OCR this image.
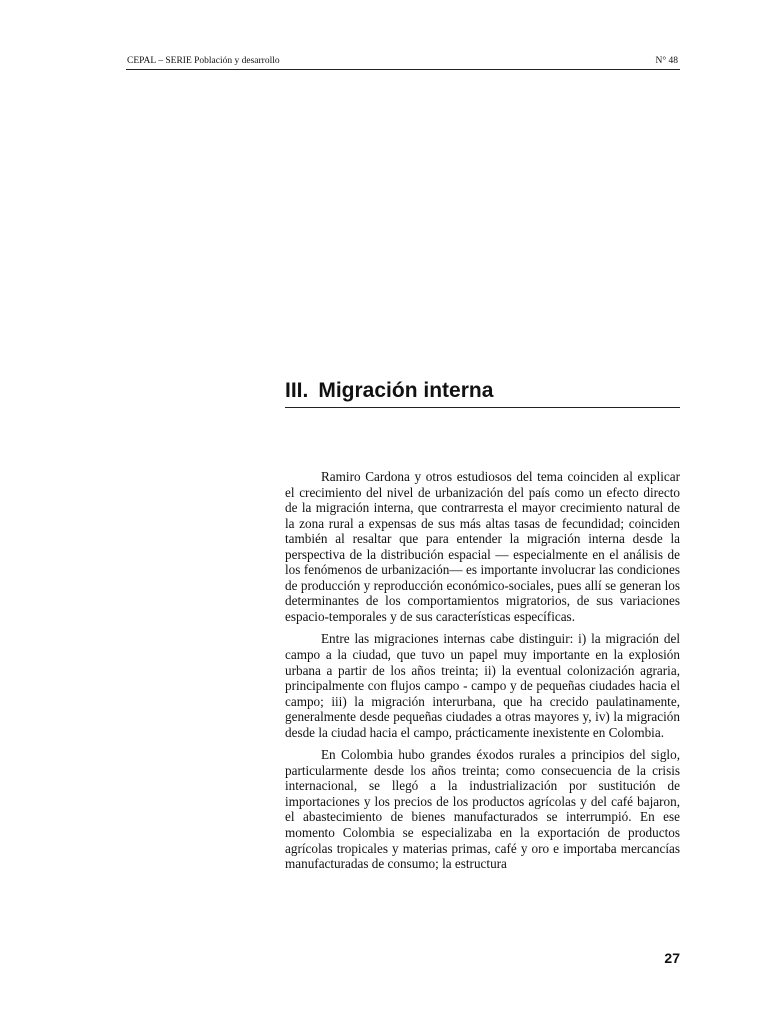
CEPAL – SERIE Población y desarrollo	N° 48
III. Migración interna

Ramiro Cardona y otros estudiosos del tema coinciden al explicar el crecimiento del nivel de urbanización del país como un efecto directo de la migración interna, que contrarresta el mayor crecimiento natural de la zona rural a expensas de sus más altas tasas de fecundidad; coinciden también al resaltar que para entender la migración interna desde la perspectiva de la distribución espacial — especialmente en el análisis de los fenómenos de urbanización— es importante involucrar las condiciones de producción y reproducción económico-sociales, pues allí se generan los determinantes de los comportamientos migratorios, de sus variaciones espacio-temporales y de sus características específicas.

Entre las migraciones internas cabe distinguir: i) la migración del campo a la ciudad, que tuvo un papel muy importante en la explosión urbana a partir de los años treinta; ii) la eventual colonización agraria, principalmente con flujos campo - campo y de pequeñas ciudades hacia el campo; iii) la migración interurbana, que ha crecido paulatinamente, generalmente desde pequeñas ciudades a otras mayores y, iv) la migración desde la ciudad hacia el campo, prácticamente inexistente en Colombia.

En Colombia hubo grandes éxodos rurales a principios del siglo, particularmente desde los años treinta; como consecuencia de la crisis internacional, se llegó a la industrialización por sustitución de importaciones y los precios de los productos agrícolas y del café bajaron, el abastecimiento de bienes manufacturados se interrumpió. En ese momento Colombia se especializaba en la exportación de productos agrícolas tropicales y materias primas, café y oro e importaba mercancías manufacturadas de consumo; la estructura

27
